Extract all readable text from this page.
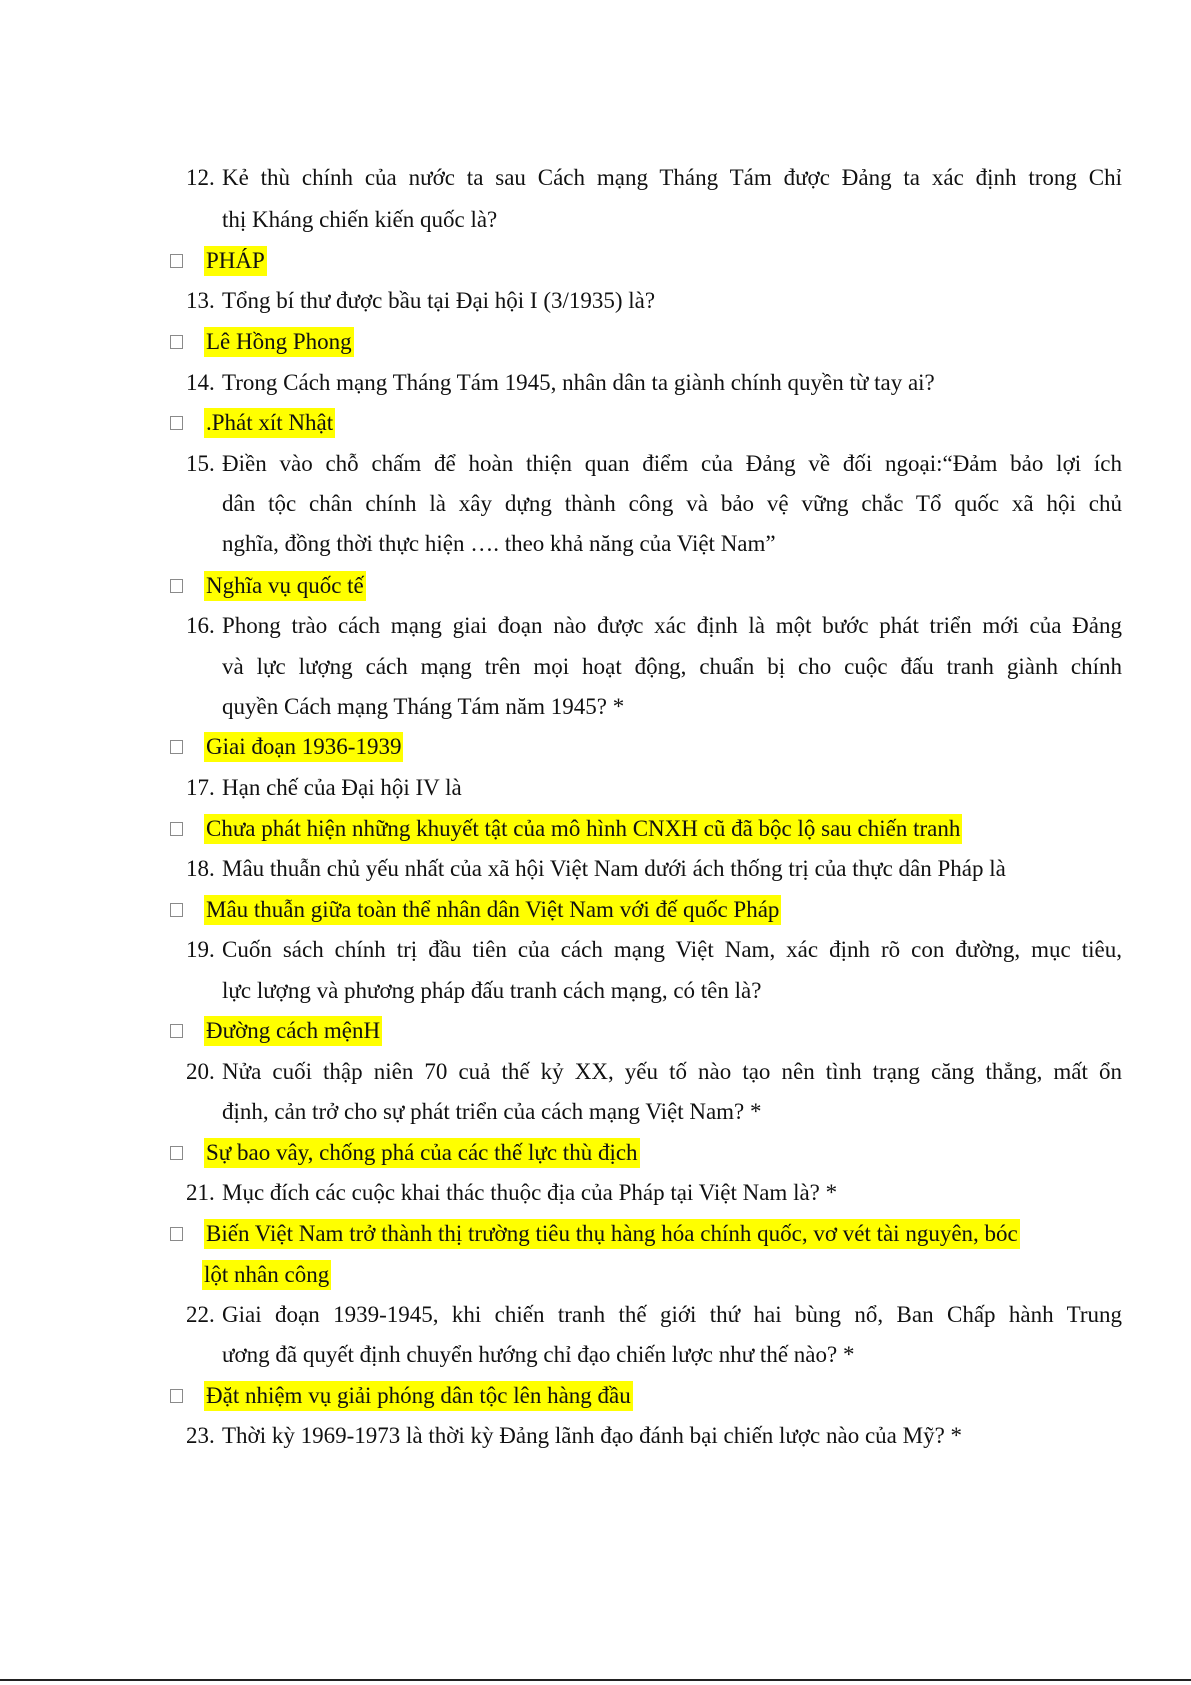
12. Kẻ thù chính của nước ta sau Cách mạng Tháng Tám được Đảng ta xác định trong Chỉ
thị Kháng chiến kiến quốc là?
PHÁP
13. Tổng bí thư được bầu tại Đại hội I (3/1935) là?
Lê Hồng Phong
14. Trong Cách mạng Tháng Tám 1945, nhân dân ta giành chính quyền từ tay ai?
.Phát xít Nhật
15. Điền vào chỗ chấm để hoàn thiện quan điểm của Đảng về đối ngoại:“Đảm bảo lợi ích
dân tộc chân chính là xây dựng thành công và bảo vệ vững chắc Tổ quốc xã hội chủ
nghĩa, đồng thời thực hiện …. theo khả năng của Việt Nam”
Nghĩa vụ quốc tế
16. Phong trào cách mạng giai đoạn nào được xác định là một bước phát triển mới của Đảng
và lực lượng cách mạng trên mọi hoạt động, chuẩn bị cho cuộc đấu tranh giành chính
quyền Cách mạng Tháng Tám năm 1945? *
Giai đoạn 1936-1939
17. Hạn chế của Đại hội IV là
Chưa phát hiện những khuyết tật của mô hình CNXH cũ đã bộc lộ sau chiến tranh
18. Mâu thuẫn chủ yếu nhất của xã hội Việt Nam dưới ách thống trị của thực dân Pháp là
Mâu thuẫn giữa toàn thể nhân dân Việt Nam với đế quốc Pháp
19. Cuốn sách chính trị đầu tiên của cách mạng Việt Nam, xác định rõ con đường, mục tiêu,
lực lượng và phương pháp đấu tranh cách mạng, có tên là?
Đường cách mệnH
20. Nửa cuối thập niên 70 cuả thế kỷ XX, yếu tố nào tạo nên tình trạng căng thẳng, mất ổn
định, cản trở cho sự phát triển của cách mạng Việt Nam? *
Sự bao vây, chống phá của các thế lực thù địch
21. Mục đích các cuộc khai thác thuộc địa của Pháp tại Việt Nam là? *
Biến Việt Nam trở thành thị trường tiêu thụ hàng hóa chính quốc, vơ vét tài nguyên, bóc
lột nhân công
22. Giai đoạn 1939-1945, khi chiến tranh thế giới thứ hai bùng nổ, Ban Chấp hành Trung
ương đã quyết định chuyển hướng chỉ đạo chiến lược như thế nào? *
Đặt nhiệm vụ giải phóng dân tộc lên hàng đầu
23. Thời kỳ 1969-1973 là thời kỳ Đảng lãnh đạo đánh bại chiến lược nào của Mỹ? *
